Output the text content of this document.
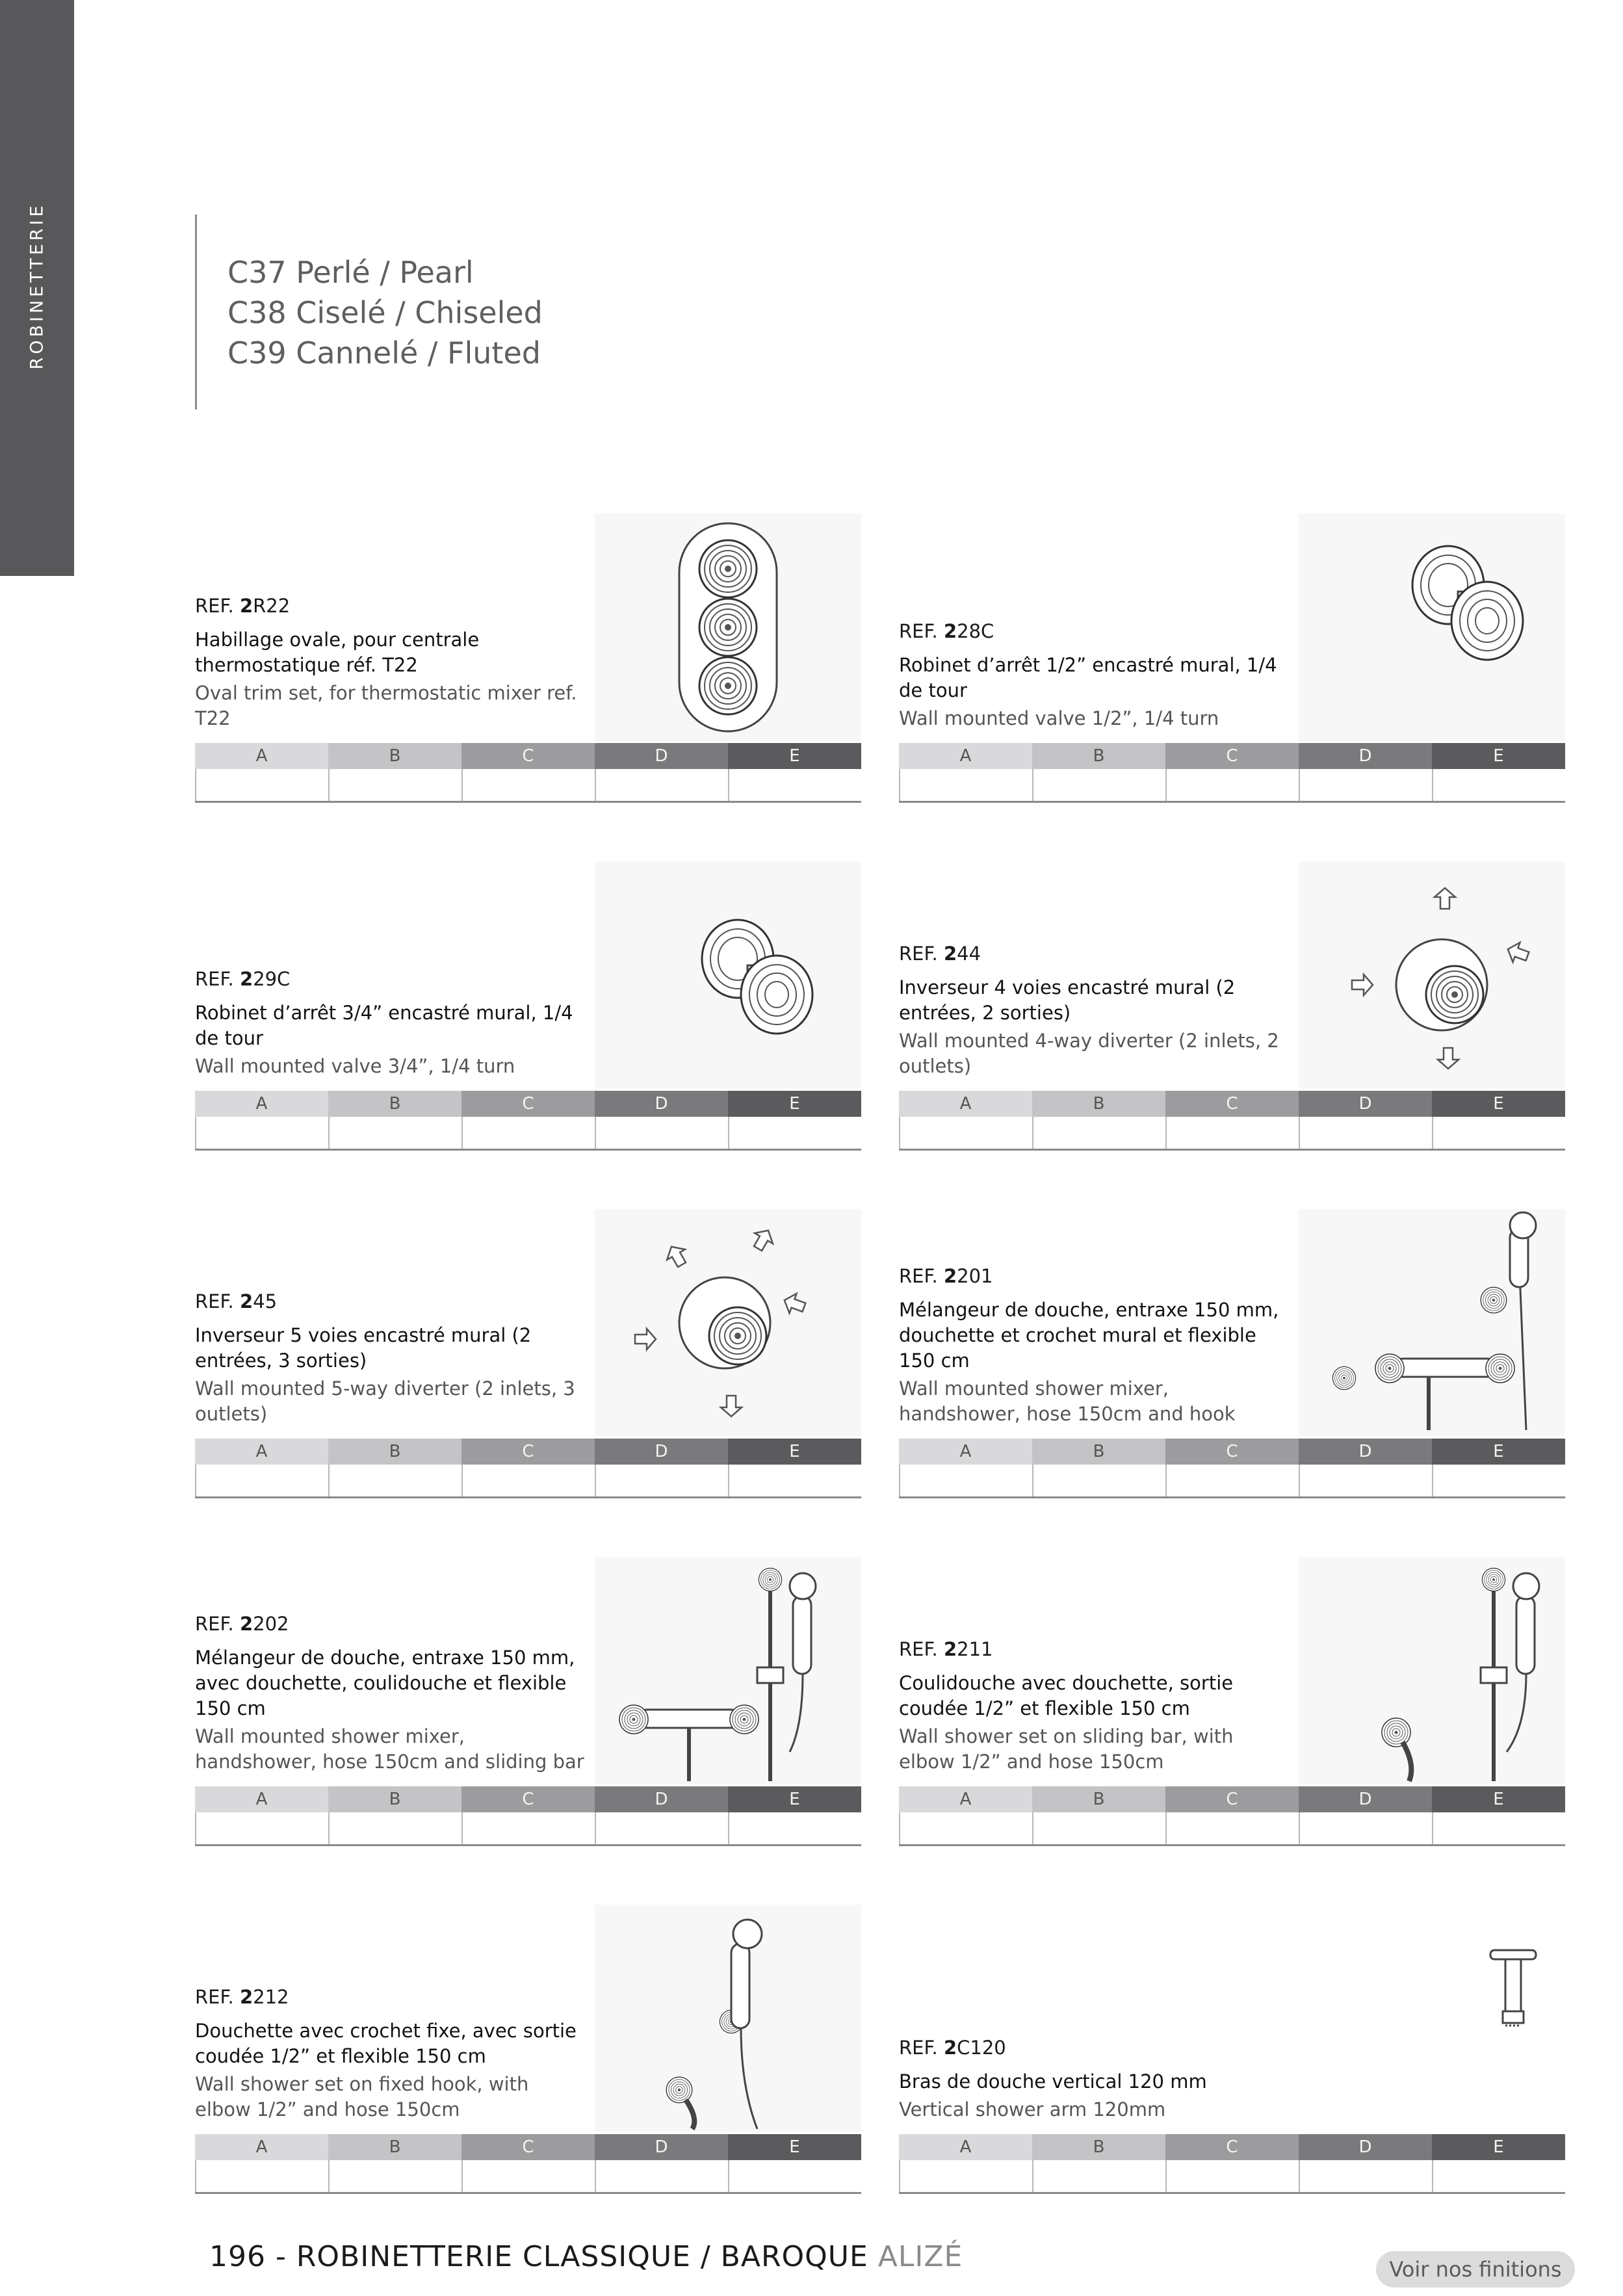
ROBINETTERIE	C37 Perlé / Pearl
C38 Ciselé / Chiseled
C39 Cannelé / Fluted
REF. 2R22
Habillage ovale, pour centrale thermostatique réf. T22
Oval trim set, for thermostatic mixer ref. T22
A	B	C	D	E
REF. 228C
Robinet d’arrêt 1/2” encastré mural, 1/4 de tour
Wall mounted valve 1/2”, 1/4 turn
A	B	C	D	E
REF. 229C
Robinet d’arrêt 3/4” encastré mural, 1/4 de tour
Wall mounted valve 3/4”, 1/4 turn
A	B	C	D	E
REF. 244
Inverseur 4 voies encastré mural (2 entrées, 2 sorties)
Wall mounted 4-way diverter (2 inlets, 2 outlets)
A	B	C	D	E
REF. 245
Inverseur 5 voies encastré mural (2 entrées, 3 sorties)
Wall mounted 5-way diverter (2 inlets, 3 outlets)
A	B	C	D	E
REF. 2201
Mélangeur de douche, entraxe 150 mm, douchette et crochet mural et flexible 150 cm
Wall mounted shower mixer, handshower, hose 150cm and hook
A	B	C	D	E
REF. 2202
Mélangeur de douche, entraxe 150 mm, avec douchette, coulidouche et flexible 150 cm
Wall mounted shower mixer, handshower, hose 150cm and sliding bar
A	B	C	D	E
REF. 2211
Coulidouche avec douchette, sortie coudée 1/2” et flexible 150 cm
Wall shower set on sliding bar, with elbow 1/2” and hose 150cm
A	B	C	D	E
REF. 2212
Douchette avec crochet fixe, avec sortie coudée 1/2” et flexible 150 cm
Wall shower set on fixed hook, with elbow 1/2” and hose 150cm
A	B	C	D	E
REF. 2C120
Bras de douche vertical 120 mm
Vertical shower arm 120mm
A	B	C	D	E
196 - ROBINETTERIE CLASSIQUE / BAROQUE ALIZÉ	Voir nos finitions
